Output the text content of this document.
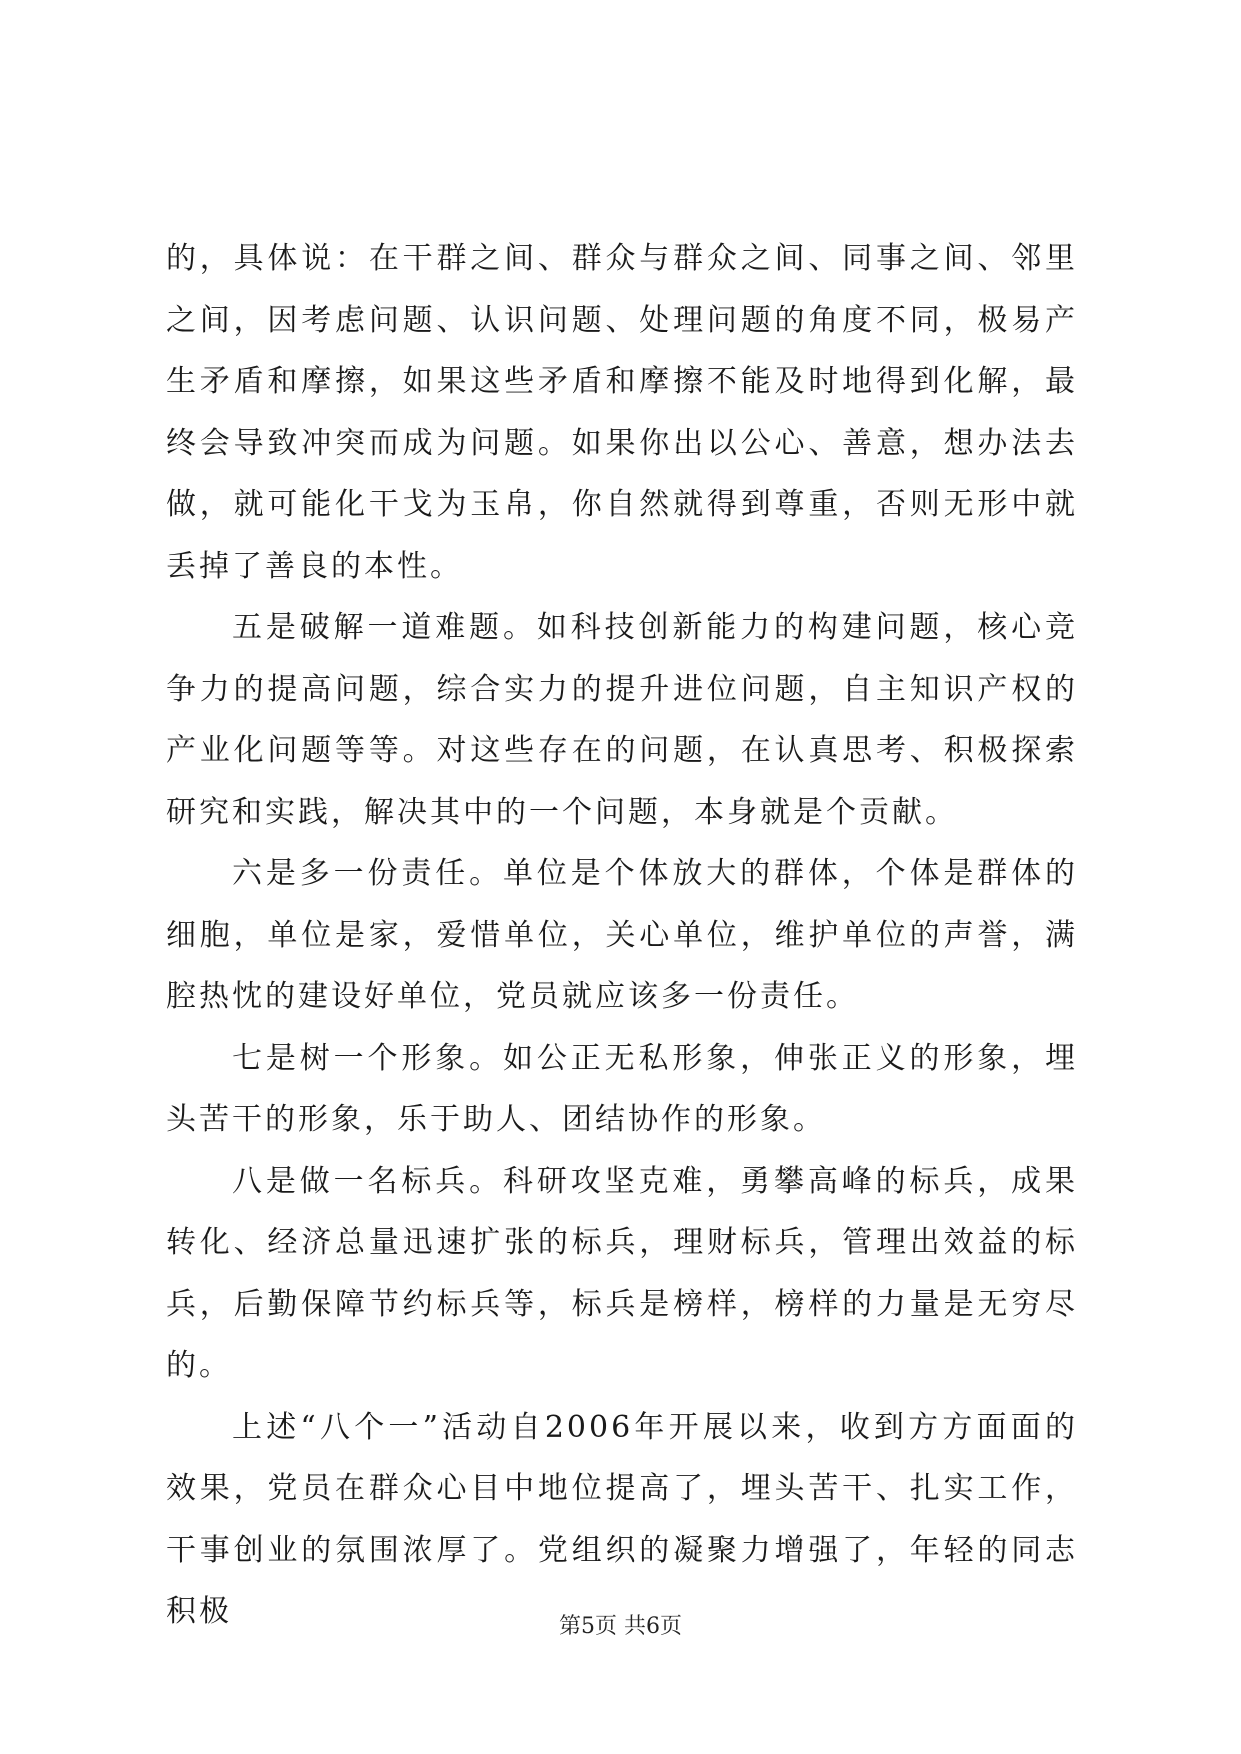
的，具体说：在干群之间、群众与群众之间、同事之间、邻里之间，因考虑问题、认识问题、处理问题的角度不同，极易产生矛盾和摩擦，如果这些矛盾和摩擦不能及时地得到化解，最终会导致冲突而成为问题。如果你出以公心、善意，想办法去做，就可能化干戈为玉帛，你自然就得到尊重，否则无形中就丢掉了善良的本性。

五是破解一道难题。如科技创新能力的构建问题，核心竞争力的提高问题，综合实力的提升进位问题，自主知识产权的产业化问题等等。对这些存在的问题，在认真思考、积极探索研究和实践，解决其中的一个问题，本身就是个贡献。

六是多一份责任。单位是个体放大的群体，个体是群体的细胞，单位是家，爱惜单位，关心单位，维护单位的声誉，满腔热忱的建设好单位，党员就应该多一份责任。

七是树一个形象。如公正无私形象，伸张正义的形象，埋头苦干的形象，乐于助人、团结协作的形象。

八是做一名标兵。科研攻坚克难，勇攀高峰的标兵，成果转化、经济总量迅速扩张的标兵，理财标兵，管理出效益的标兵，后勤保障节约标兵等，标兵是榜样，榜样的力量是无穷尽的。

上述“八个一”活动自2006年开展以来，收到方方面面的效果，党员在群众心目中地位提高了，埋头苦干、扎实工作，干事创业的氛围浓厚了。党组织的凝聚力增强了，年轻的同志积极	第5页 共6页
